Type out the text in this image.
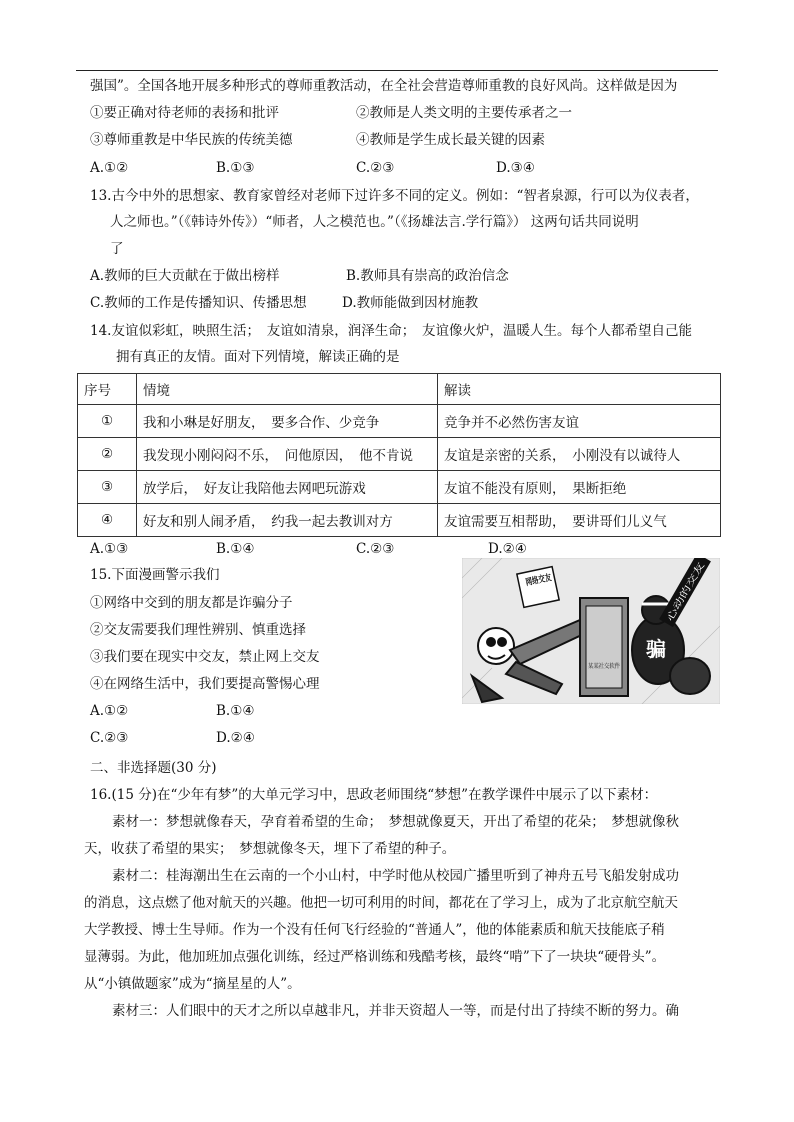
强国”。全国各地开展多种形式的尊师重教活动，在全社会营造尊师重教的良好风尚。这样做是因为
①要正确对待老师的表扬和批评	②教师是人类文明的主要传承者之一
③尊师重教是中华民族的传统美德	④教师是学生成长最关键的因素
A.①②	B.①③	C.②③	D.③④
13.古今中外的思想家、教育家曾经对老师下过许多不同的定义。例如：“智者泉源，行可以为仪表者，
人之师也。”（《韩诗外传》）“师者，人之模范也。”（《扬雄法言.学行篇》） 这两句话共同说明
了
A.教师的巨大贡献在于做出榜样	B.教师具有崇高的政治信念
C.教师的工作是传播知识、传播思想	D.教师能做到因材施教
14.友谊似彩虹，映照生活；　友谊如清泉，润泽生命；　友谊像火炉，温暖人生。每个人都希望自己能
拥有真正的友情。面对下列情境，解读正确的是
序号	情境	解读
①	我和小琳是好朋友，　要多合作、少竞争	竞争并不必然伤害友谊
②	我发现小刚闷闷不乐，　问他原因，　他不肯说	友谊是亲密的关系，　小刚没有以诚待人
③	放学后，　好友让我陪他去网吧玩游戏	友谊不能没有原则，　果断拒绝
④	好友和别人闹矛盾，　约我一起去教训对方	友谊需要互相帮助，　要讲哥们儿义气
A.①③	B.①④	C.②③	D.②④
15.下面漫画警示我们
①网络中交到的朋友都是诈骗分子
②交友需要我们理性辨别、慎重选择
③我们要在现实中交友，禁止网上交友
④在网络生活中，我们要提高警惕心理
A.①②	B.①④
C.②③	D.②④
网络交友
某某社交软件
骗
心动的交友
二、非选择题(30 分)
16.(15 分)在“少年有梦”的大单元学习中，思政老师围绕“梦想”在教学课件中展示了以下素材：
素材一：梦想就像春天，孕育着希望的生命；　梦想就像夏天，开出了希望的花朵；　梦想就像秋
天，收获了希望的果实；　梦想就像冬天，埋下了希望的种子。
素材二：桂海潮出生在云南的一个小山村，中学时他从校园广播里听到了神舟五号飞船发射成功
的消息，这点燃了他对航天的兴趣。他把一切可利用的时间，都花在了学习上，成为了北京航空航天
大学教授、博士生导师。作为一个没有任何飞行经验的“普通人”，他的体能素质和航天技能底子稍
显薄弱。为此，他加班加点强化训练，经过严格训练和残酷考核，最终“啃”下了一块块“硬骨头”。
从“小镇做题家”成为“摘星星的人”。
素材三：人们眼中的天才之所以卓越非凡，并非天资超人一等，而是付出了持续不断的努力。确
